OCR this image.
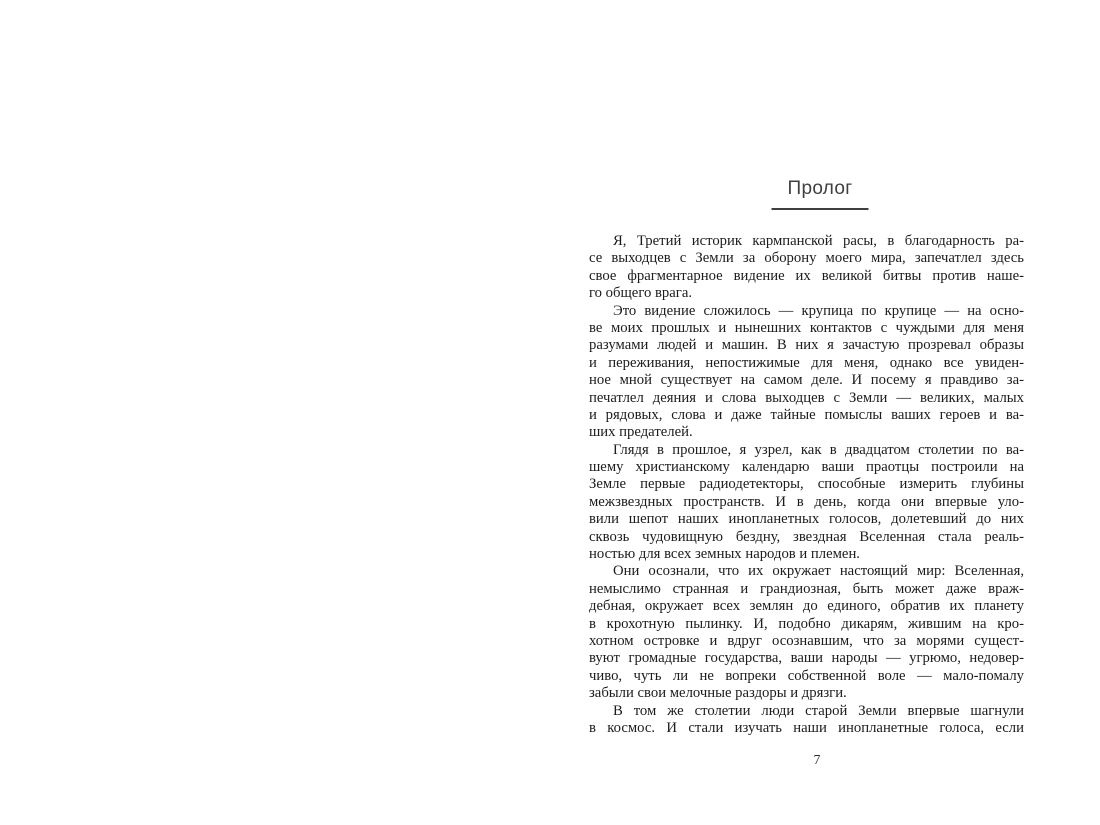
Пролог
Я, Третий историк кармпанской расы, в благодарность ра-
се выходцев с Земли за оборону моего мира, запечатлел здесь
свое фрагментарное видение их великой битвы против наше-
го общего врага.
Это видение сложилось — крупица по крупице — на осно-
ве моих прошлых и нынешних контактов с чуждыми для меня
разумами людей и машин. В них я зачастую прозревал образы
и переживания, непостижимые для меня, однако все увиден-
ное мной существует на самом деле. И посему я правдиво за-
печатлел деяния и слова выходцев с Земли — великих, малых
и рядовых, слова и даже тайные помыслы ваших героев и ва-
ших предателей.
Глядя в прошлое, я узрел, как в двадцатом столетии по ва-
шему христианскому календарю ваши праотцы построили на
Земле первые радиодетекторы, способные измерить глубины
межзвездных пространств. И в день, когда они впервые уло-
вили шепот наших инопланетных голосов, долетевший до них
сквозь чудовищную бездну, звездная Вселенная стала реаль-
ностью для всех земных народов и племен.
Они осознали, что их окружает настоящий мир: Вселенная,
немыслимо странная и грандиозная, быть может даже враж-
дебная, окружает всех землян до единого, обратив их планету
в крохотную пылинку. И, подобно дикарям, жившим на кро-
хотном островке и вдруг осознавшим, что за морями сущест-
вуют громадные государства, ваши народы — угрюмо, недовер-
чиво, чуть ли не вопреки собственной воле — мало-помалу
забыли свои мелочные раздоры и дрязги.
В том же столетии люди старой Земли впервые шагнули
в космос. И стали изучать наши инопланетные голоса, если
7
